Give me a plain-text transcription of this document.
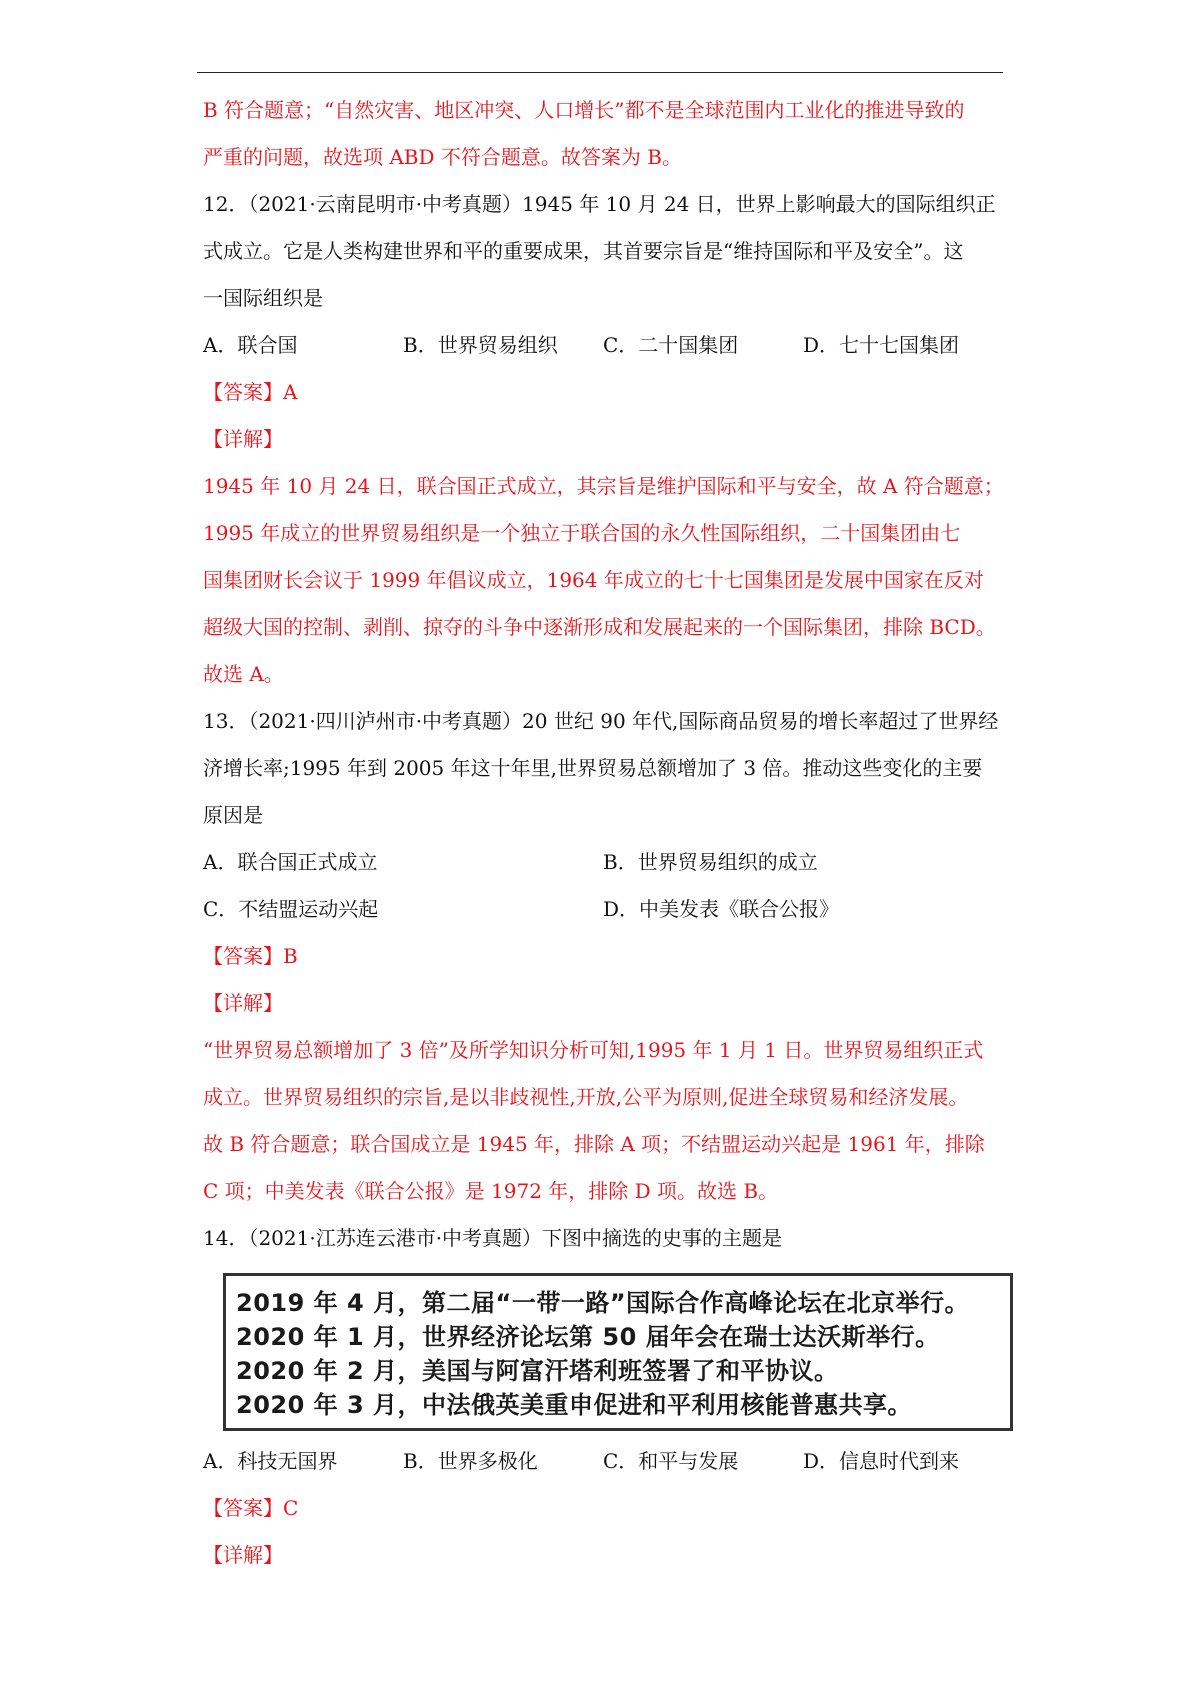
B 符合题意；“自然灾害、地区冲突、人口增长”都不是全球范围内工业化的推进导致的
严重的问题，故选项 ABD 不符合题意。故答案为 B。
12．（2021·云南昆明市·中考真题）1945 年 10 月 24 日，世界上影响最大的国际组织正
式成立。它是人类构建世界和平的重要成果，其首要宗旨是“维持国际和平及安全”。这
一国际组织是
A．联合国	B．世界贸易组织	C．二十国集团	D．七十七国集团
【答案】A
【详解】
1945 年 10 月 24 日，联合国正式成立，其宗旨是维护国际和平与安全，故 A 符合题意；
1995 年成立的世界贸易组织是一个独立于联合国的永久性国际组织，二十国集团由七
国集团财长会议于 1999 年倡议成立，1964 年成立的七十七国集团是发展中国家在反对
超级大国的控制、剥削、掠夺的斗争中逐渐形成和发展起来的一个国际集团，排除 BCD。
故选 A。
13．（2021·四川泸州市·中考真题）20 世纪 90 年代,国际商品贸易的增长率超过了世界经
济增长率;1995 年到 2005 年这十年里,世界贸易总额增加了 3 倍。推动这些变化的主要
原因是
A．联合国正式成立	B．世界贸易组织的成立
C．不结盟运动兴起	D．中美发表《联合公报》
【答案】B
【详解】
“世界贸易总额增加了 3 倍”及所学知识分析可知,1995 年 1 月 1 日。世界贸易组织正式
成立。世界贸易组织的宗旨,是以非歧视性,开放,公平为原则,促进全球贸易和经济发展。
故 B 符合题意；联合国成立是 1945 年，排除 A 项；不结盟运动兴起是 1961 年，排除
C 项；中美发表《联合公报》是 1972 年，排除 D 项。故选 B。
14．（2021·江苏连云港市·中考真题）下图中摘选的史事的主题是
2019 年 4 月，第二届“一带一路”国际合作高峰论坛在北京举行。
2020 年 1 月，世界经济论坛第 50 届年会在瑞士达沃斯举行。
2020 年 2 月，美国与阿富汗塔利班签署了和平协议。
2020 年 3 月，中法俄英美重申促进和平利用核能普惠共享。
A．科技无国界	B．世界多极化	C．和平与发展	D．信息时代到来
【答案】C
【详解】
